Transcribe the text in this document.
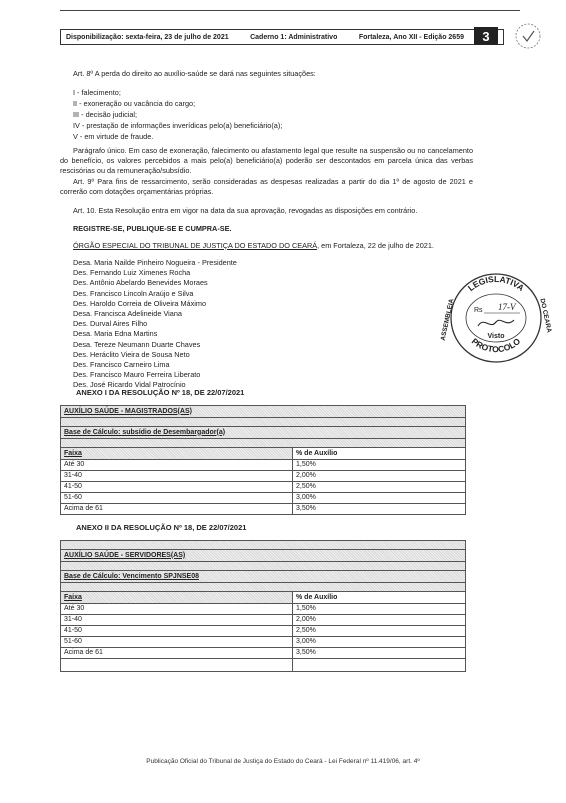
Disponibilização: sexta-feira, 23 de julho de 2021	Caderno 1: Administrativo	Fortaleza, Ano XII - Edição 2659	3
Art. 8º A perda do direito ao auxílio-saúde se dará nas seguintes situações:
I - falecimento;
II - exoneração ou vacância do cargo;
III - decisão judicial;
IV - prestação de informações inverídicas pelo(a) beneficiário(a);
V - em virtude de fraude.
Parágrafo único. Em caso de exoneração, falecimento ou afastamento legal que resulte na suspensão ou no cancelamento do benefício, os valores percebidos a mais pelo(a) beneficiário(a) poderão ser descontados em parcela única das verbas rescisórias ou da remuneração/subsídio.
Art. 9º Para fins de ressarcimento, serão consideradas as despesas realizadas a partir do dia 1º de agosto de 2021 e correrão com dotações orçamentárias próprias.
Art. 10. Esta Resolução entra em vigor na data da sua aprovação, revogadas as disposições em contrário.
REGISTRE-SE, PUBLIQUE-SE E CUMPRA-SE.
ÓRGÃO ESPECIAL DO TRIBUNAL DE JUSTIÇA DO ESTADO DO CEARÁ, em Fortaleza, 22 de julho de 2021.
Desa. Maria Nailde Pinheiro Nogueira - Presidente
Des. Fernando Luiz Ximenes Rocha
Des. Antônio Abelardo Benevides Moraes
Des. Francisco Lincoln Araújo e Silva
Des. Haroldo Correia de Oliveira Máximo
Desa. Francisca Adelineide Viana
Des. Durval Aires Filho
Desa. Maria Edna Martins
Desa. Tereze Neumann Duarte Chaves
Des. Heráclito Vieira de Sousa Neto
Des. Francisco Carneiro Lima
Des. Francisco Mauro Ferreira Liberato
Des. José Ricardo Vidal Patrocínio
LEGISLATIVA
PROTOCOLO
ASSEMBLEIA	DO CEARÁ
Rs 17-V
Visto
ANEXO I DA RESOLUÇÃO Nº 18, DE 22/07/2021
AUXÍLIO SAÚDE - MAGISTRADOS(AS)	

Base de Cálculo: subsídio de Desembargador(a)	

Faixa	% de Auxílio
Até 30	1,50%
31-40	2,00%
41-50	2,50%
51-60	3,00%
Acima de 61	3,50%
ANEXO II DA RESOLUÇÃO Nº 18, DE 22/07/2021

AUXÍLIO SAÚDE - SERVIDORES(AS)	

Base de Cálculo: Vencimento SPJNSE08	

Faixa	% de Auxílio
Até 30	1,50%
31-40	2,00%
41-50	2,50%
51-60	3,00%
Acima de 61	3,50%

Publicação Oficial do Tribunal de Justiça do Estado do Ceará - Lei Federal nº 11.419/06, art. 4º
